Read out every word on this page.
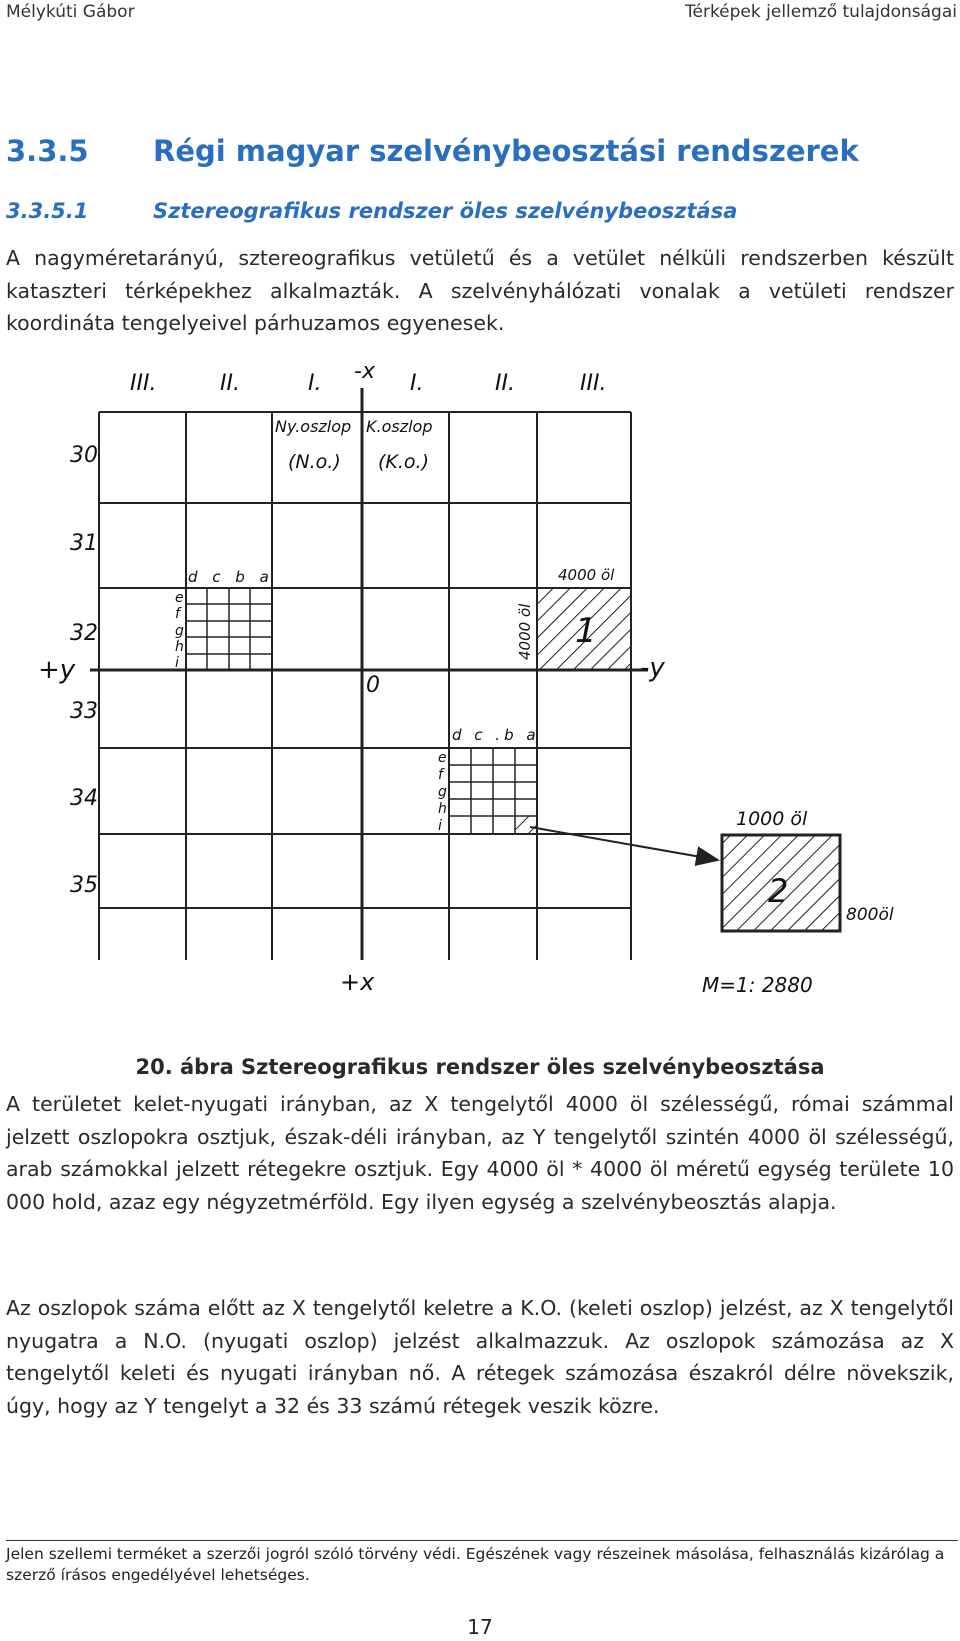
Mélykúti Gábor	Térképek jellemző tulajdonságai
3.3.5 Régi magyar szelvénybeosztási rendszerek
3.3.5.1	Sztereografikus rendszer öles szelvénybeosztása

A nagyméretarányú, sztereografikus vetületű és a vetület nélküli rendszerben készült kataszteri térképekhez alkalmazták. A szelvényhálózati vonalak a vetületi rendszer koordináta tengelyeivel párhuzamos egyenesek.

III.	II.	I. -x I.	II.	III.
30
31
32
+y
33
34
35
Ny.oszlop
(N.o.)
K.oszlop
(K.o.)
0
-y
+x
d c b a
e
f
g
h
i
1
4000 öl
4000 öl
d c .b a
e
f
g
h
i
2
1000 öl
800öl
M=1: 2880
20. ábra Sztereografikus rendszer öles szelvénybeosztása

A területet kelet-nyugati irányban, az X tengelytől 4000 öl szélességű, római számmal jelzett oszlopokra osztjuk, észak-déli irányban, az Y tengelytől szintén 4000 öl szélességű, arab számokkal jelzett rétegekre osztjuk. Egy 4000 öl * 4000 öl méretű egység területe 10 000 hold, azaz egy négyzetmérföld. Egy ilyen egység a szelvénybeosztás alapja.

Az oszlopok száma előtt az X tengelytől keletre a K.O. (keleti oszlop) jelzést, az X tengelytől nyugatra a N.O. (nyugati oszlop) jelzést alkalmazzuk. Az oszlopok számozása az X tengelytől keleti és nyugati irányban nő. A rétegek számozása északról délre növekszik, úgy, hogy az Y tengelyt a 32 és 33 számú rétegek veszik közre.

Jelen szellemi terméket a szerzői jogról szóló törvény védi. Egészének vagy részeinek másolása, felhasználás kizárólag a szerző írásos engedélyével lehetséges.

17
